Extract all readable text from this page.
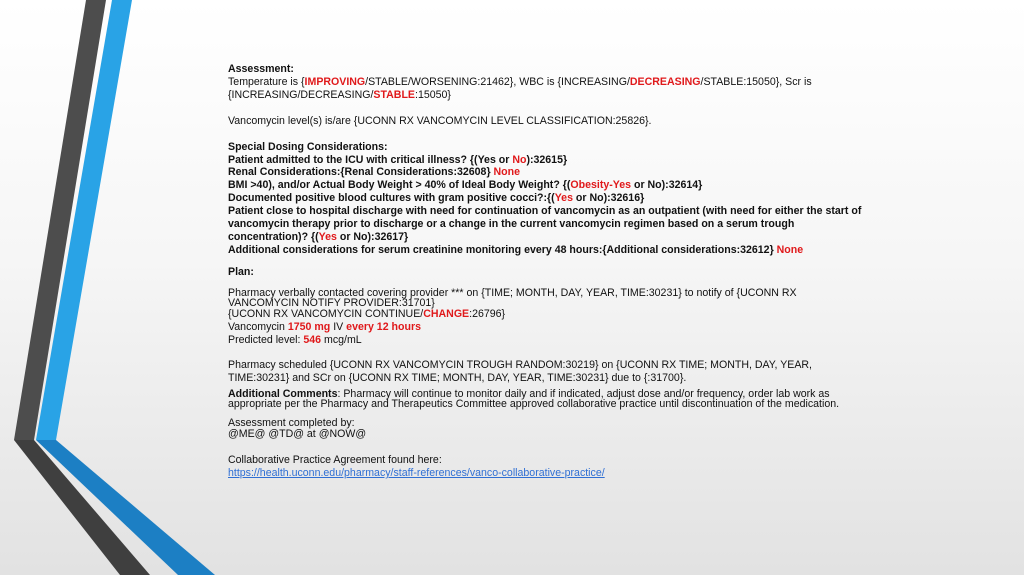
Assessment:

Temperature is {IMPROVING/STABLE/WORSENING:21462}, WBC is {INCREASING/DECREASING/STABLE:15050}, Scr is
{INCREASING/DECREASING/STABLE:15050}

Vancomycin level(s) is/are {UCONN RX VANCOMYCIN LEVEL CLASSIFICATION:25826}.

Special Dosing Considerations:

Patient admitted to the ICU with critical illness? {(Yes or No):32615}

Renal Considerations:{Renal Considerations:32608} None

BMI >40), and/or Actual Body Weight > 40% of Ideal Body Weight? {(Obesity-Yes or No):32614}

Documented positive blood cultures with gram positive cocci?:{(Yes or No):32616}

Patient close to hospital discharge with need for continuation of vancomycin as an outpatient (with need for either the start of vancomycin therapy prior to discharge or a change in the current vancomycin regimen based on a serum trough concentration)? {(Yes or No):32617}

Additional considerations for serum creatinine monitoring every 48 hours:{Additional considerations:32612} None

Plan:

Pharmacy verbally contacted covering provider *** on {TIME; MONTH, DAY, YEAR, TIME:30231} to notify of {UCONN RX VANCOMYCIN NOTIFY PROVIDER:31701}

{UCONN RX VANCOMYCIN CONTINUE/CHANGE:26796}

Vancomycin 1750 mg IV every 12 hours

Predicted level: 546 mcg/mL

Pharmacy scheduled {UCONN RX VANCOMYCIN TROUGH RANDOM:30219} on {UCONN RX TIME; MONTH, DAY, YEAR, TIME:30231} and SCr on {UCONN RX TIME; MONTH, DAY, YEAR, TIME:30231} due to {:31700}.

Additional Comments: Pharmacy will continue to monitor daily and if indicated, adjust dose and/or frequency, order lab work as appropriate per the Pharmacy and Therapeutics Committee approved collaborative practice until discontinuation of the medication.

Assessment completed by:

@ME@ @TD@ at @NOW@

Collaborative Practice Agreement found here:

https://health.uconn.edu/pharmacy/staff-references/vanco-collaborative-practice/
